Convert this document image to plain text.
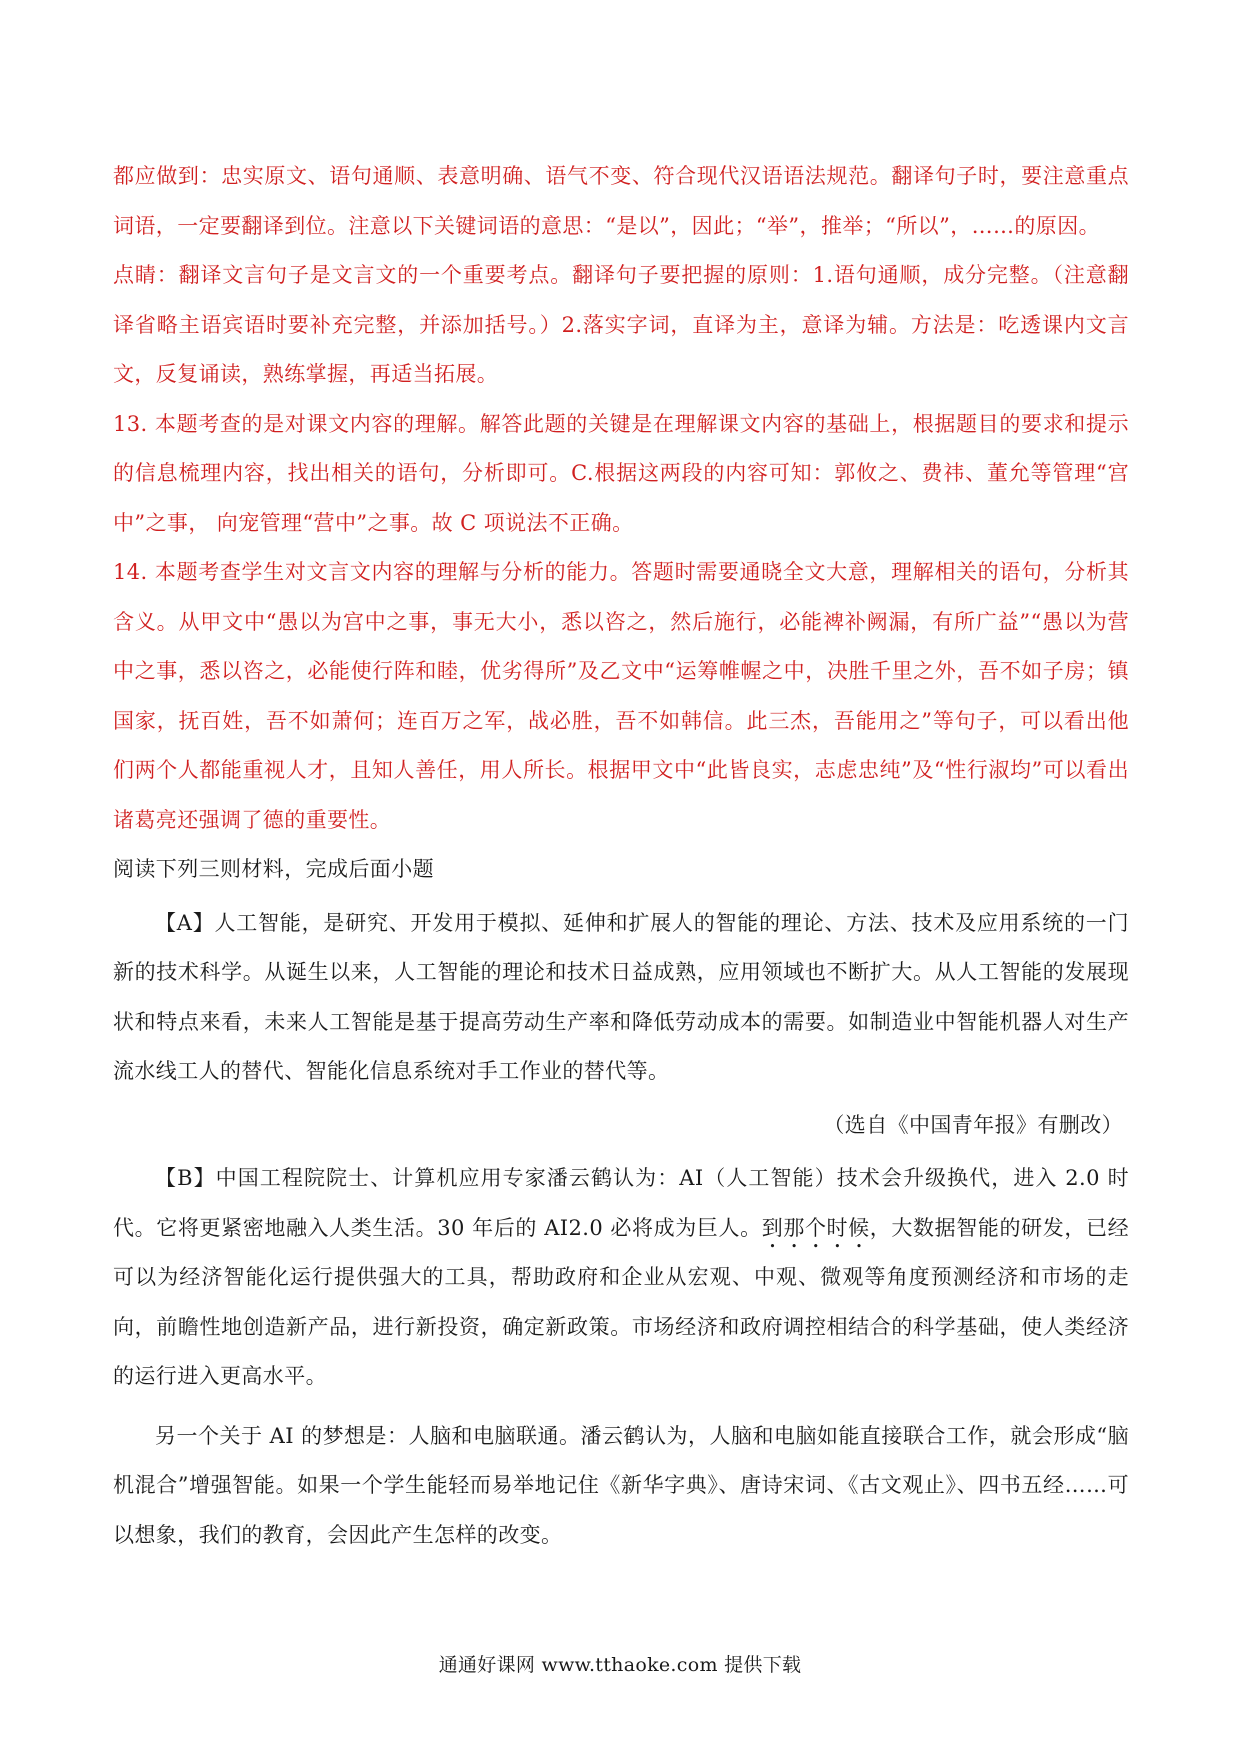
都应做到：忠实原文、语句通顺、表意明确、语气不变、符合现代汉语语法规范。翻译句子时，要注意重点词语，一定要翻译到位。注意以下关键词语的意思：“是以”，因此；“举”，推举；“所以”，……的原因。

点睛：翻译文言句子是文言文的一个重要考点。翻译句子要把握的原则：1.语句通顺，成分完整。（注意翻译省略主语宾语时要补充完整，并添加括号。）2.落实字词，直译为主，意译为辅。方法是：吃透课内文言文，反复诵读，熟练掌握，再适当拓展。

13. 本题考查的是对课文内容的理解。解答此题的关键是在理解课文内容的基础上，根据题目的要求和提示的信息梳理内容，找出相关的语句，分析即可。C.根据这两段的内容可知：郭攸之、费祎、董允等管理“宫中”之事， 向宠管理“营中”之事。故 C 项说法不正确。

14. 本题考查学生对文言文内容的理解与分析的能力。答题时需要通晓全文大意，理解相关的语句，分析其含义。从甲文中“愚以为宫中之事，事无大小，悉以咨之，然后施行，必能裨补阙漏，有所广益”“愚以为营中之事，悉以咨之，必能使行阵和睦，优劣得所”及乙文中“运筹帷幄之中，决胜千里之外，吾不如子房；镇国家，抚百姓，吾不如萧何；连百万之军，战必胜，吾不如韩信。此三杰，吾能用之”等句子，可以看出他们两个人都能重视人才，且知人善任，用人所长。根据甲文中“此皆良实，志虑忠纯”及“性行淑均”可以看出诸葛亮还强调了德的重要性。

阅读下列三则材料，完成后面小题

【A】人工智能，是研究、开发用于模拟、延伸和扩展人的智能的理论、方法、技术及应用系统的一门新的技术科学。从诞生以来，人工智能的理论和技术日益成熟，应用领域也不断扩大。从人工智能的发展现状和特点来看，未来人工智能是基于提高劳动生产率和降低劳动成本的需要。如制造业中智能机器人对生产流水线工人的替代、智能化信息系统对手工作业的替代等。

（选自《中国青年报》有删改）

【B】中国工程院院士、计算机应用专家潘云鹤认为：AI（人工智能）技术会升级换代，进入 2.0 时代。它将更紧密地融入人类生活。30 年后的 AI2.0 必将成为巨人。到那个时候，大数据智能的研发，已经可以为经济智能化运行提供强大的工具，帮助政府和企业从宏观、中观、微观等角度预测经济和市场的走向，前瞻性地创造新产品，进行新投资，确定新政策。市场经济和政府调控相结合的科学基础，使人类经济的运行进入更高水平。

另一个关于 AI 的梦想是：人脑和电脑联通。潘云鹤认为，人脑和电脑如能直接联合工作，就会形成“脑机混合”增强智能。如果一个学生能轻而易举地记住《新华字典》、唐诗宋词、《古文观止》、四书五经……可以想象，我们的教育，会因此产生怎样的改变。

通通好课网 www.tthaoke.com 提供下载
